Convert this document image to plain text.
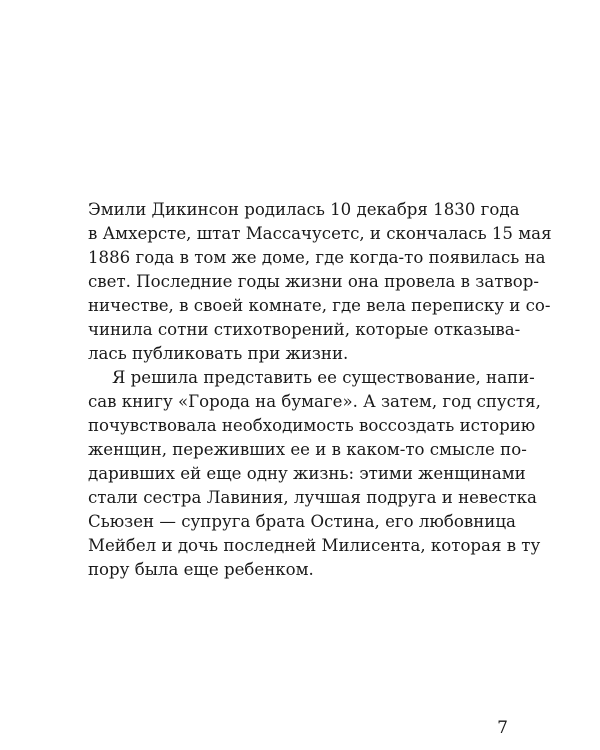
Эмили Дикинсон родилась 10 декабря 1830 года
в Амхерсте, штат Массачусетс, и скончалась 15 мая
1886 года в том же доме, где когда-то появилась на
свет. Последние годы жизни она провела в затвор-
ничестве, в своей комнате, где вела переписку и со-
чинила сотни стихотворений, которые отказыва-
лась публиковать при жизни.
Я решила представить ее существование, напи-
сав книгу «Города на бумаге». А затем, год спустя,
почувствовала необходимость воссоздать историю
женщин, переживших ее и в каком-то смысле по-
даривших ей еще одну жизнь: этими женщинами
стали сестра Лавиния, лучшая подруга и невестка
Сьюзен — супруга брата Остина, его любовница
Мейбел и дочь последней Милисента, которая в ту
пору была еще ребенком.
7
